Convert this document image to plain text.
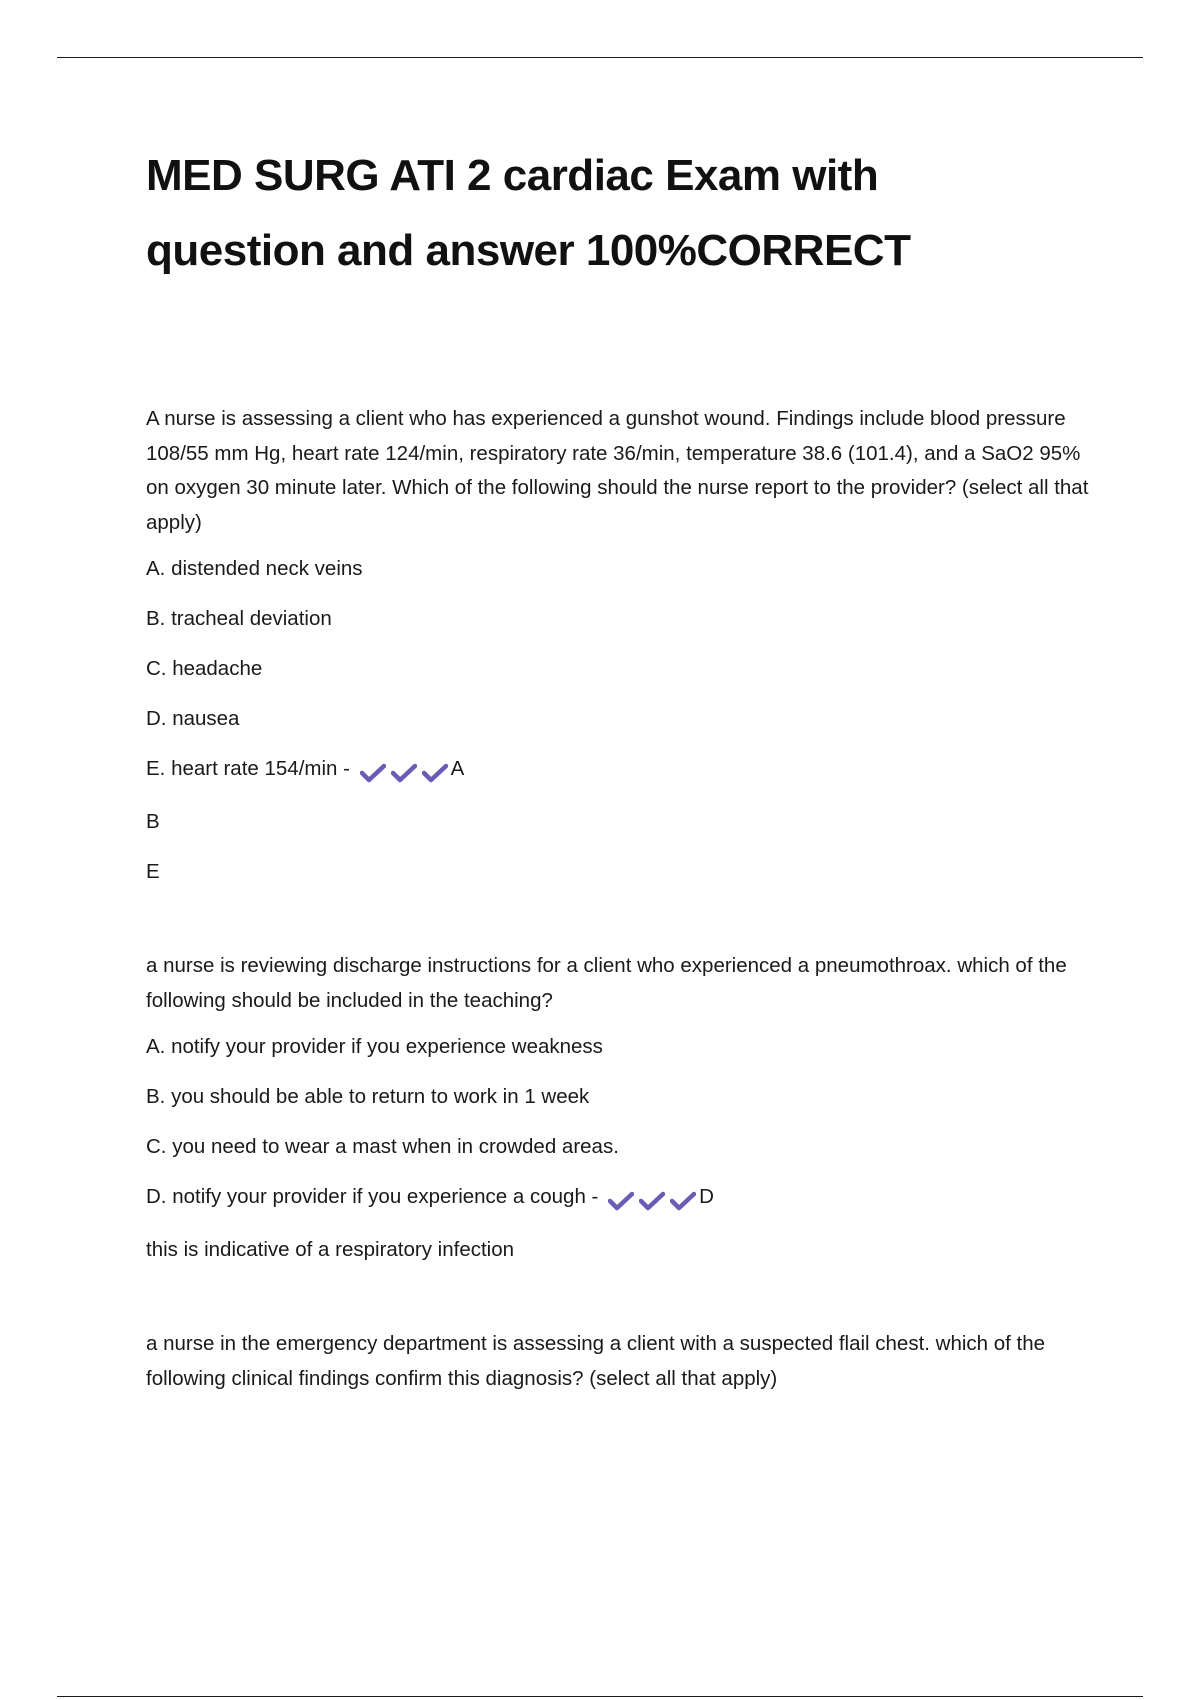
MED SURG ATI 2 cardiac Exam with
question and answer 100%CORRECT

A nurse is assessing a client who has experienced a gunshot wound. Findings include blood pressure 108/55 mm Hg, heart rate 124/min, respiratory rate 36/min, temperature 38.6 (101.4), and a SaO2 95% on oxygen 30 minute later. Which of the following should the nurse report to the provider? (select all that apply)

A. distended neck veins

B. tracheal deviation

C. headache

D. nausea

E. heart rate 154/min -	A

B

E

a nurse is reviewing discharge instructions for a client who experienced a pneumothroax. which of the following should be included in the teaching?

A. notify your provider if you experience weakness

B. you should be able to return to work in 1 week

C. you need to wear a mast when in crowded areas.

D. notify your provider if you experience a cough -	D

this is indicative of a respiratory infection

a nurse in the emergency department is assessing a client with a suspected flail chest. which of the following clinical findings confirm this diagnosis? (select all that apply)
